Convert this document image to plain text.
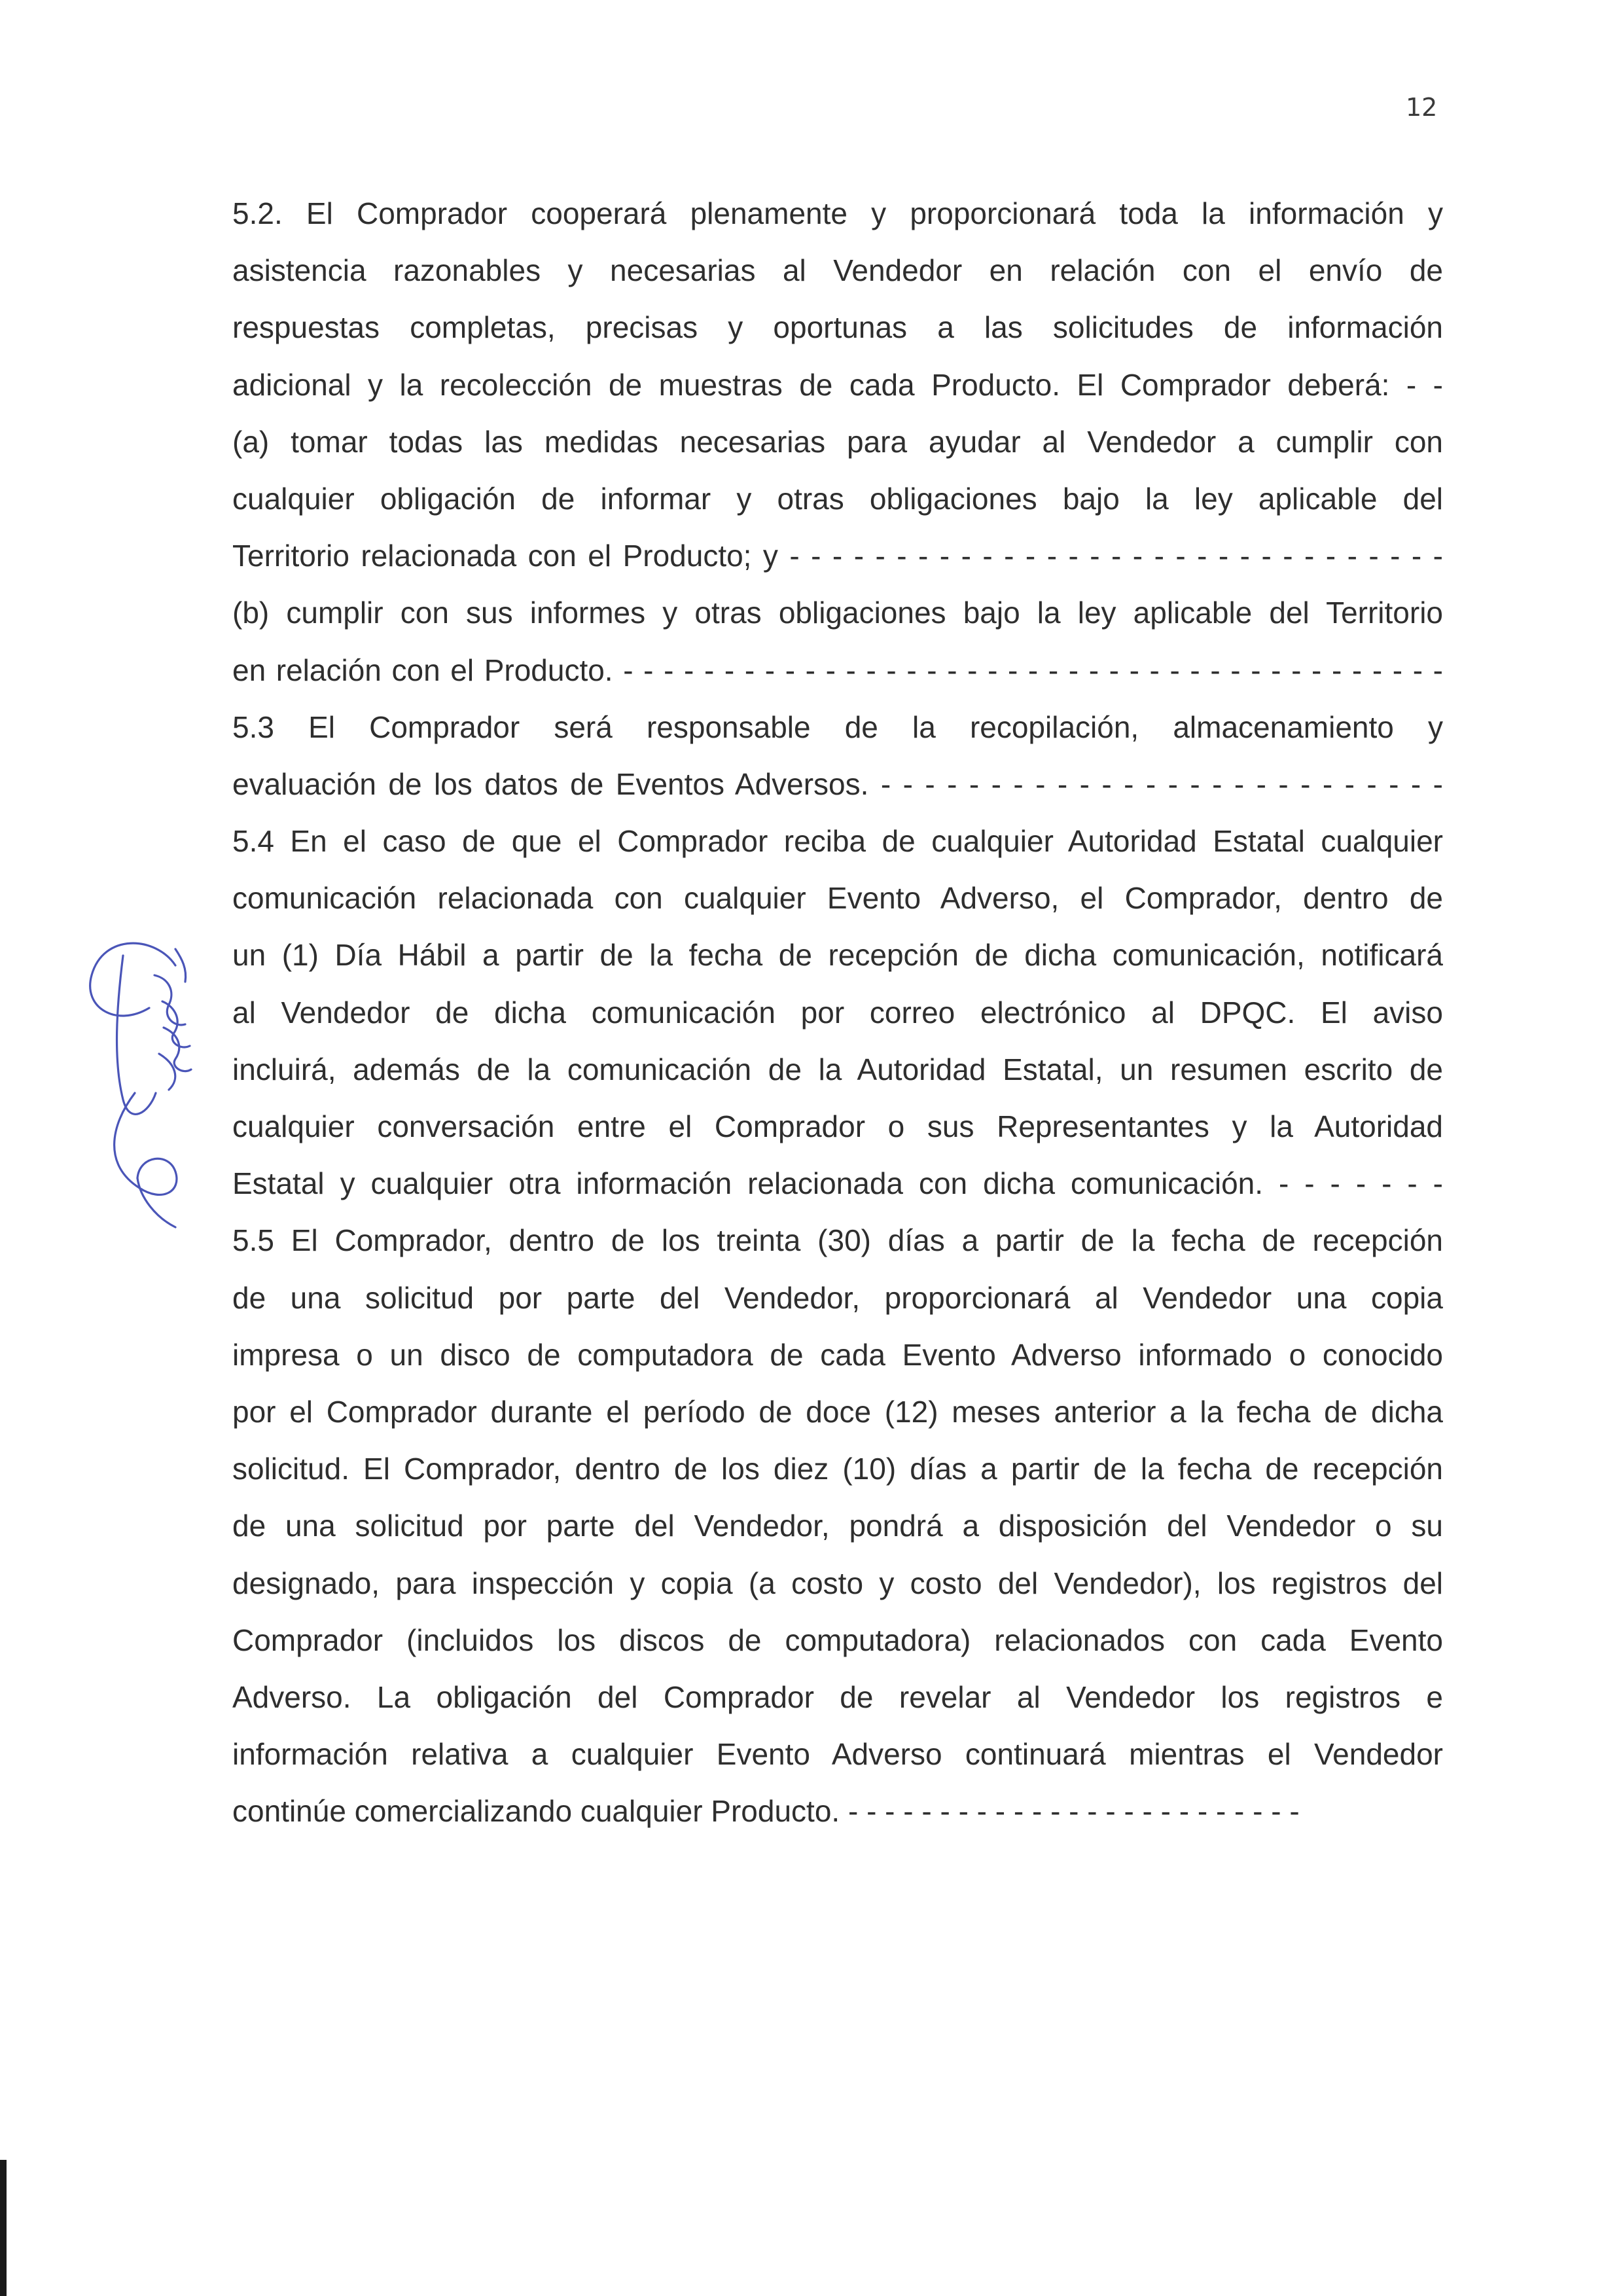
12
5.2. El Comprador cooperará plenamente y proporcionará toda la información y
asistencia razonables y necesarias al Vendedor en relación con el envío de
respuestas completas, precisas y oportunas a las solicitudes de información
adicional y la recolección de muestras de cada Producto. El Comprador deberá: - -
(a) tomar todas las medidas necesarias para ayudar al Vendedor a cumplir con
cualquier obligación de informar y otras obligaciones bajo la ley aplicable del
Territorio relacionada con el Producto; y - - - - - - - - - - - - - - - - - - - - - - - - - - - - - - -
(b) cumplir con sus informes y otras obligaciones bajo la ley aplicable del Territorio
en relación con el Producto. - - - - - - - - - - - - - - - - - - - - - - - - - - - - - - - - - - - - - - - - -
5.3 El Comprador será responsable de la recopilación, almacenamiento y
evaluación de los datos de Eventos Adversos. - - - - - - - - - - - - - - - - - - - - - - - - - -
5.4 En el caso de que el Comprador reciba de cualquier Autoridad Estatal cualquier
comunicación relacionada con cualquier Evento Adverso, el Comprador, dentro de
un (1) Día Hábil a partir de la fecha de recepción de dicha comunicación, notificará
al Vendedor de dicha comunicación por correo electrónico al DPQC. El aviso
incluirá, además de la comunicación de la Autoridad Estatal, un resumen escrito de
cualquier conversación entre el Comprador o sus Representantes y la Autoridad
Estatal y cualquier otra información relacionada con dicha comunicación. - - - - - - -
5.5 El Comprador, dentro de los treinta (30) días a partir de la fecha de recepción
de una solicitud por parte del Vendedor, proporcionará al Vendedor una copia
impresa o un disco de computadora de cada Evento Adverso informado o conocido
por el Comprador durante el período de doce (12) meses anterior a la fecha de dicha
solicitud. El Comprador, dentro de los diez (10) días a partir de la fecha de recepción
de una solicitud por parte del Vendedor, pondrá a disposición del Vendedor o su
designado, para inspección y copia (a costo y costo del Vendedor), los registros del
Comprador (incluidos los discos de computadora) relacionados con cada Evento
Adverso. La obligación del Comprador de revelar al Vendedor los registros e
información relativa a cualquier Evento Adverso continuará mientras el Vendedor
continúe comercializando cualquier Producto. - - - - - - - - - - - - - - - - - - - - - - - - -
